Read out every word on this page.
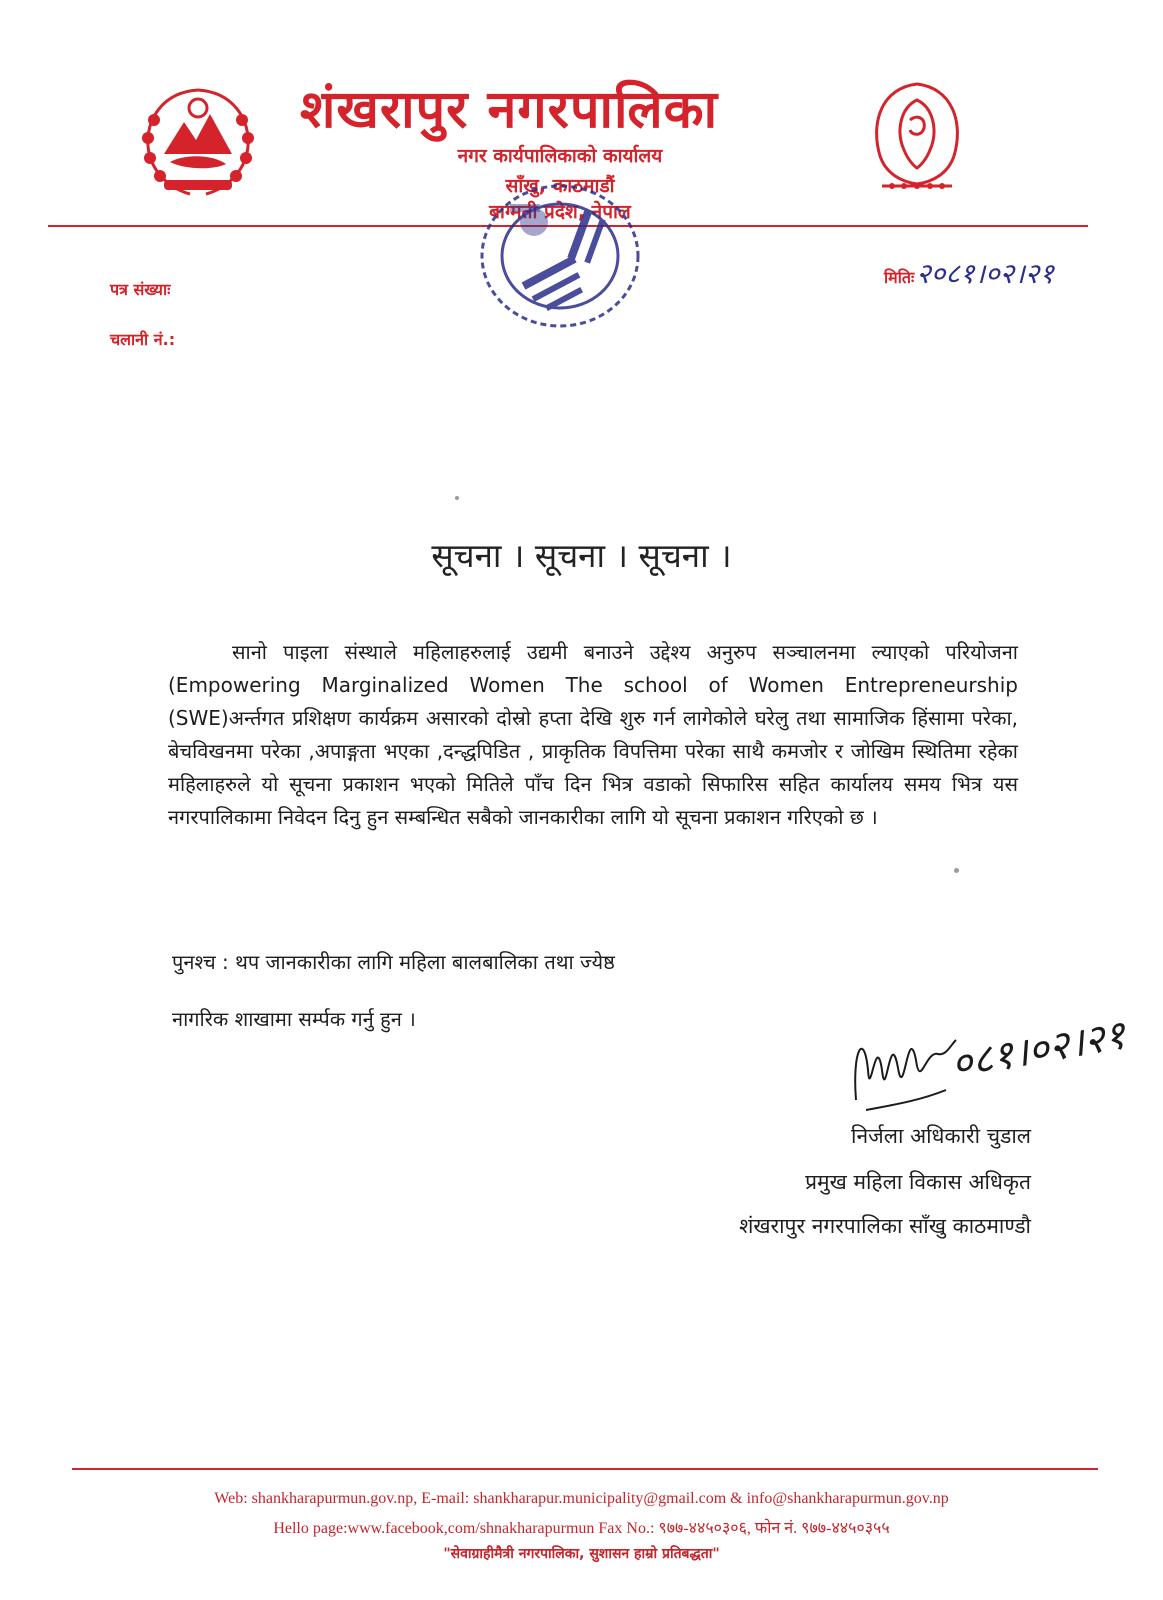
शंखरापुर नगरपालिका
नगर कार्यपालिकाको कार्यालय
साँखु, काठमाडौं
बाग्मती प्रदेश, नेपाल
पत्र संख्याः
चलानी नं.:
मितिः २०८१।०२।२१
सूचना । सूचना । सूचना ।
सानो पाइला संस्थाले महिलाहरुलाई उद्यमी बनाउने उद्देश्य अनुरुप सञ्चालनमा ल्याएको परियोजना (Empowering Marginalized Women The school of Women Entrepreneurship (SWE)अर्न्तगत प्रशिक्षण कार्यक्रम असारको दोस्रो हप्ता देखि शुरु गर्न लागेकोले घरेलु तथा सामाजिक हिंसामा परेका, बेचविखनमा परेका ,अपाङ्गता भएका ,दन्द्धपिडित , प्राकृतिक विपत्तिमा परेका साथै कमजोर र जोखिम स्थितिमा रहेका महिलाहरुले यो सूचना प्रकाशन भएको मितिले पाँच दिन भित्र वडाको सिफारिस सहित कार्यालय समय भित्र यस नगरपालिकामा निवेदन दिनु हुन सम्बन्धित सबैको जानकारीका लागि यो सूचना प्रकाशन गरिएको छ ।
पुनश्च : थप जानकारीका लागि महिला बालबालिका तथा ज्येष्ठ
नागरिक शाखामा सर्म्पक गर्नु हुन ।	०८१।०२।२१
निर्जला अधिकारी चुडाल
प्रमुख महिला विकास अधिकृत
शंखरापुर नगरपालिका साँखु काठमाण्डौ
Web: shankharapurmun.gov.np, E-mail: shankharapur.municipality@gmail.com & info@shankharapurmun.gov.np
Hello page:www.facebook,com/shnakharapurmun Fax No.: ९७७-४४५०३०६, फोन नं. ९७७-४४५०३५५
"सेवाग्राहीमैत्री नगरपालिका, सुशासन हाम्रो प्रतिबद्धता"
